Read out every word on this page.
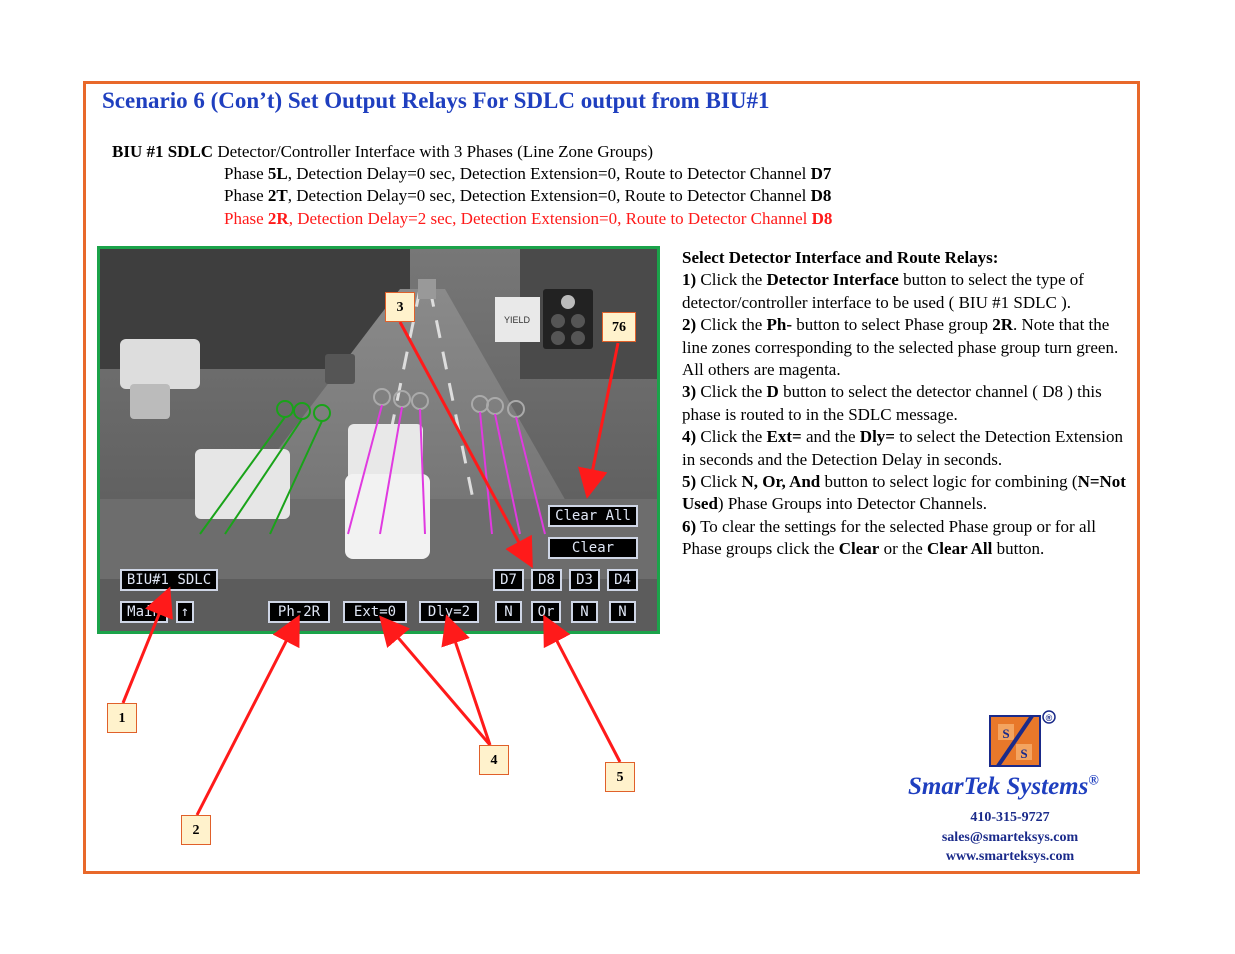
Scenario 6 (Con’t) Set Output Relays For SDLC output from BIU#1
BIU #1 SDLC Detector/Controller Interface with 3 Phases (Line Zone Groups)
Phase 5L, Detection Delay=0 sec, Detection Extension=0, Route to Detector Channel D7
Phase 2T, Detection Delay=0 sec, Detection Extension=0, Route to Detector Channel D8
Phase 2R, Detection Delay=2 sec, Detection Extension=0, Route to Detector Channel D8
YIELD
Clear All
Clear
BIU#1 SDLC
Main	↑	Ph-2R	Ext=0	Dly=2
D7	D8	D3	D4
N	Or	N	N
1
2
3
4
5
76

Select Detector Interface and Route Relays:

1) Click the Detector Interface button to select the type of detector/controller interface to be used ( BIU #1 SDLC ).

2) Click the Ph- button to select Phase group 2R. Note that the line zones corresponding to the selected phase group turn green. All others are magenta.

3) Click the D button to select the detector channel ( D8 ) this phase is routed to in the SDLC message.

4) Click the Ext= and the Dly= to select the Detection Extension in seconds and the Detection Delay in seconds.

5) Click N, Or, And button to select logic for combining (N=Not Used) Phase Groups into Detector Channels.

6) To clear the settings for the selected Phase group or for all Phase groups click the Clear or the Clear All button.

S
S
®
SmarTek Systems®
410-315-9727
sales@smarteksys.com
www.smarteksys.com
